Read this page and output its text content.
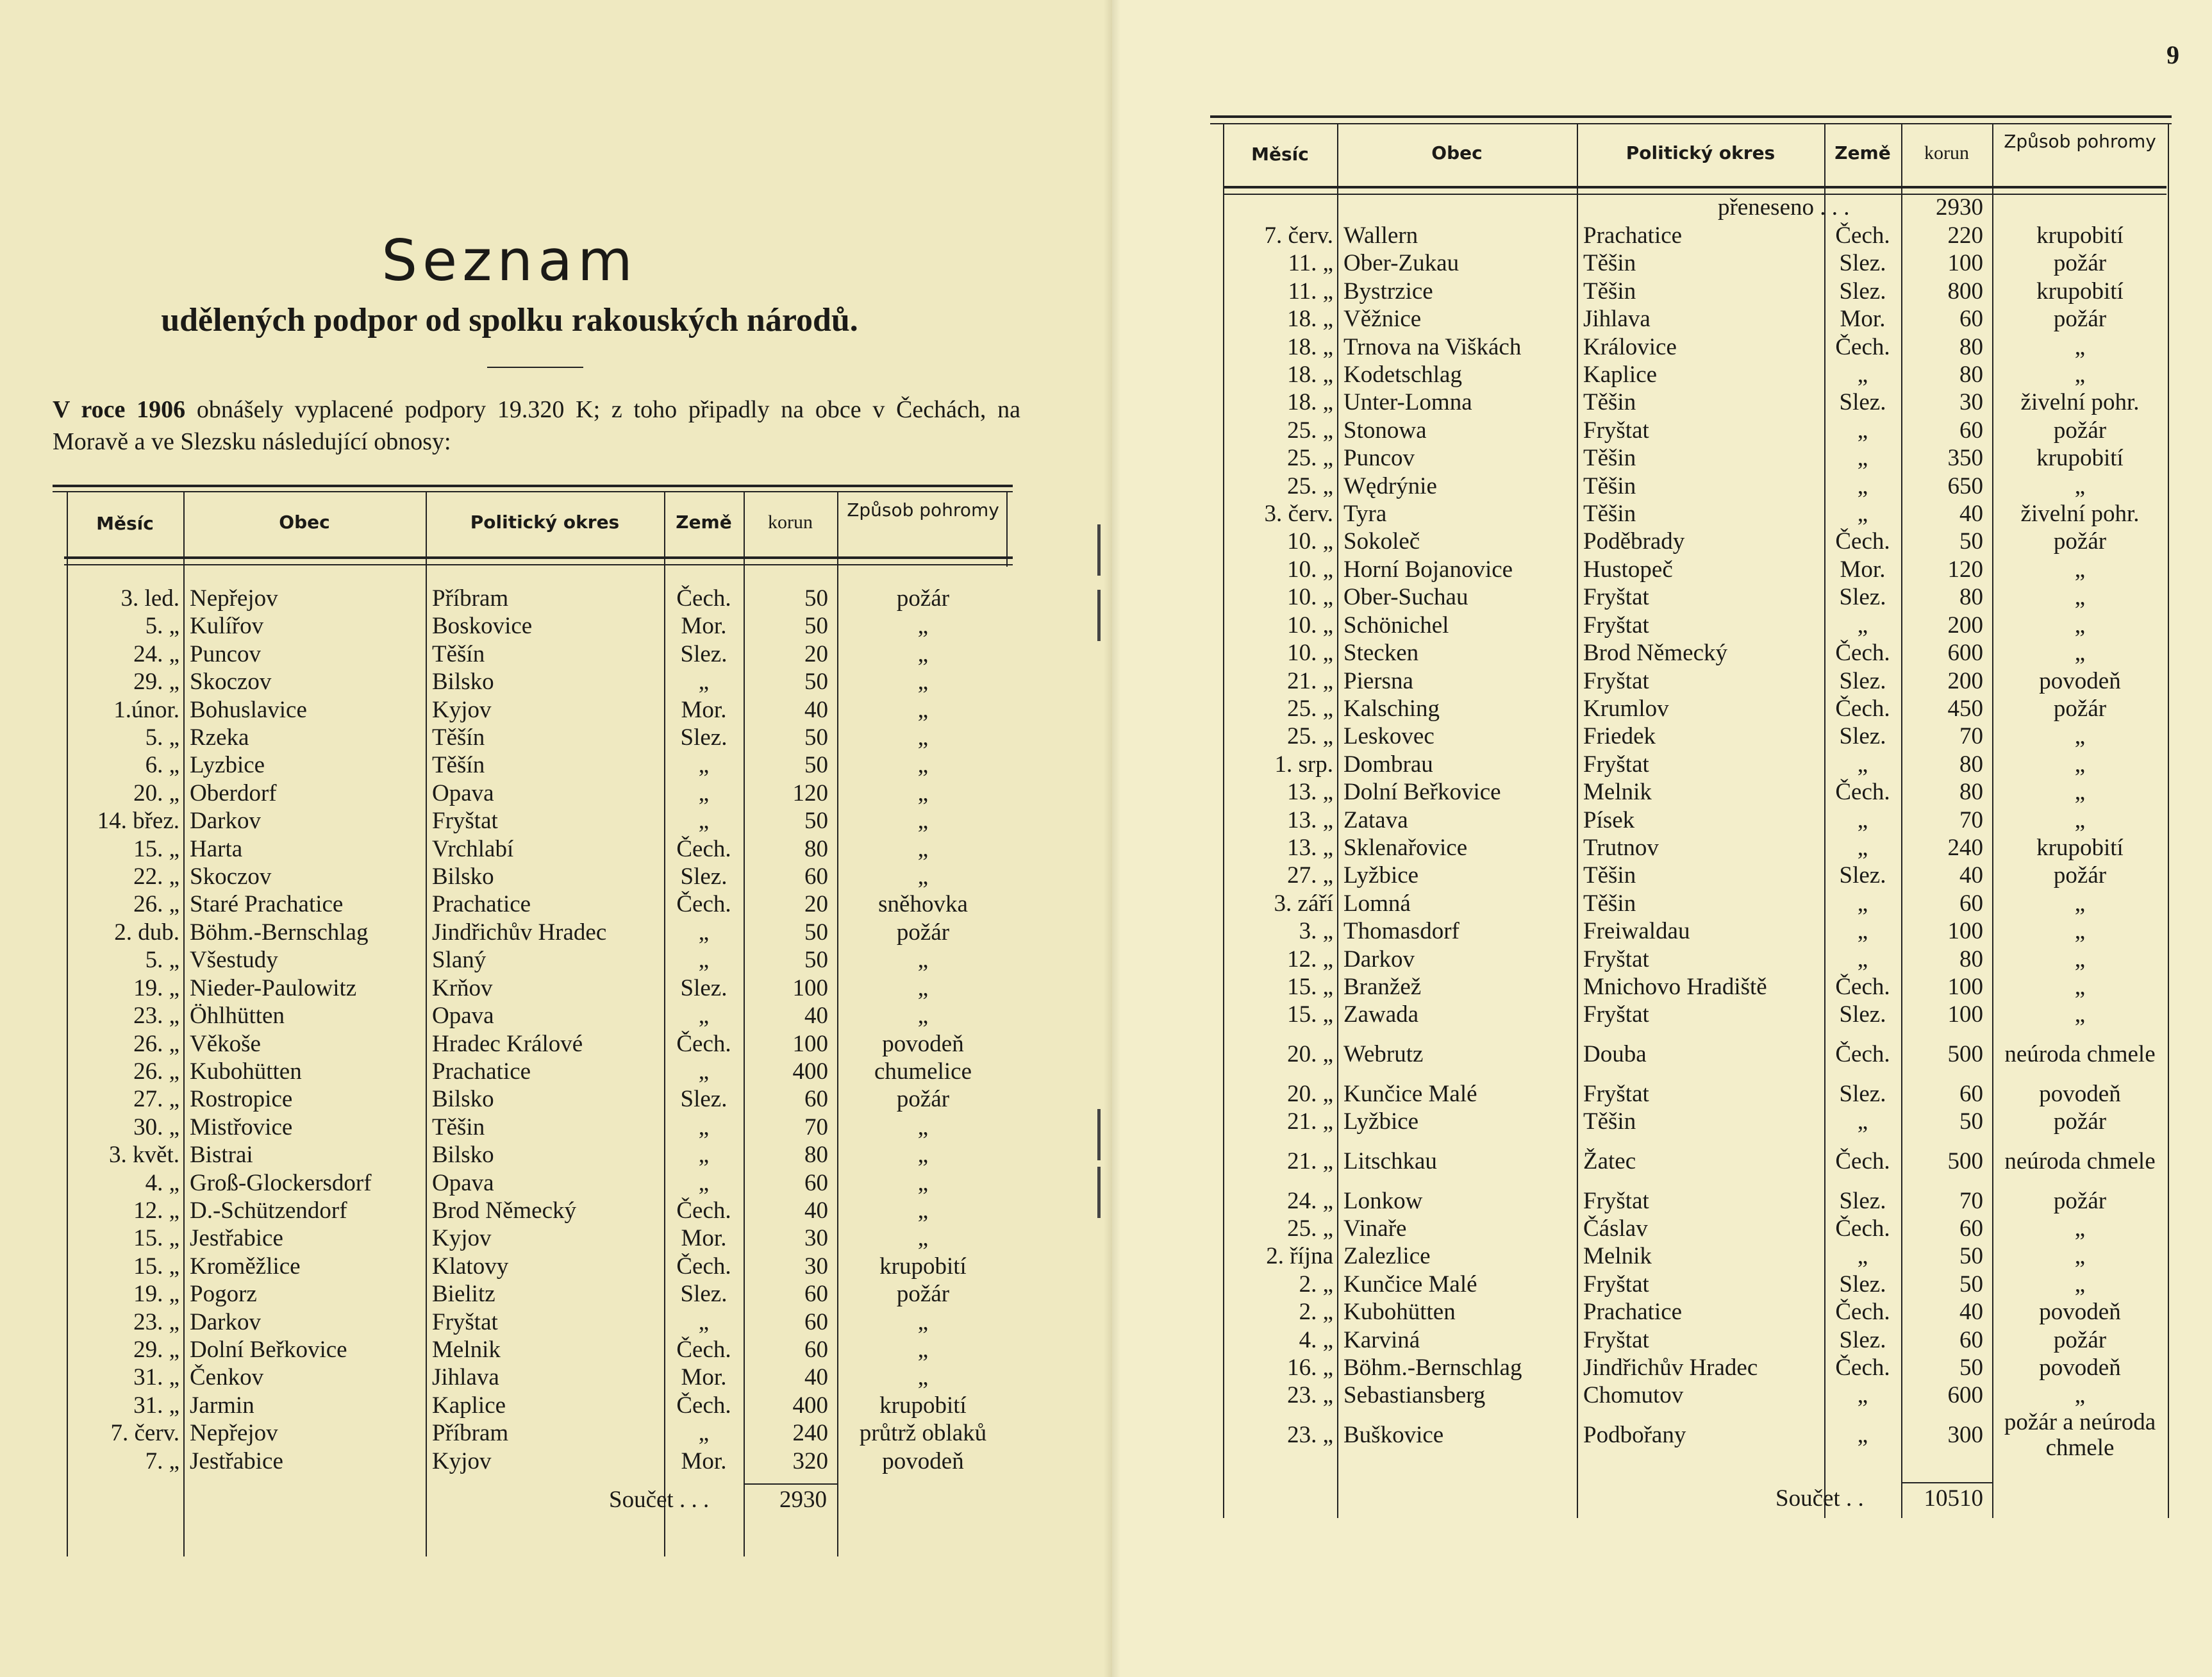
9
Seznam
udělených podpor od spolku rakouských národů.
V roce 1906 obnášely vyplacené podpory 19.320 K; z toho připadly na obce v Čechách, na Moravě a ve Slezsku následující obnosy:
Měsíc	Obec	Politický okres	Země	korun
Způsob pohromy
3. led.	Nepřejov	Příbram	Čech.	50	požár
5. „	Kulířov	Boskovice	Mor.	50	„
24. „	Puncov	Těšín	Slez.	20	„
29. „	Skoczov	Bilsko	„	50	„
1.únor.	Bohuslavice	Kyjov	Mor.	40	„
5. „	Rzeka	Těšín	Slez.	50	„
6. „	Lyzbice	Těšín	„	50	„
20. „	Oberdorf	Opava	„	120	„
14. břez.	Darkov	Fryštat	„	50	„
15. „	Harta	Vrchlabí	Čech.	80	„
22. „	Skoczov	Bilsko	Slez.	60	„
26. „	Staré Prachatice	Prachatice	Čech.	20	sněhovka
2. dub.	Böhm.-Bernschlag	Jindřichův Hradec	„	50	požár
5. „	Všestudy	Slaný	„	50	„
19. „	Nieder-Paulowitz	Krňov	Slez.	100	„
23. „	Öhlhütten	Opava	„	40	„
26. „	Věkoše	Hradec Králové	Čech.	100	povodeň
26. „	Kubohütten	Prachatice	„	400	chumelice
27. „	Rostropice	Bilsko	Slez.	60	požár
30. „	Mistřovice	Těšin	„	70	„
3. květ.	Bistrai	Bilsko	„	80	„
4. „	Groß-Glockersdorf	Opava	„	60	„
12. „	D.-Schützendorf	Brod Německý	Čech.	40	„
15. „	Jestřabice	Kyjov	Mor.	30	„
15. „	Kroměžlice	Klatovy	Čech.	30	krupobití
19. „	Pogorz	Bielitz	Slez.	60	požár
23. „	Darkov	Fryštat	„	60	„
29. „	Dolní Beřkovice	Melnik	Čech.	60	„
31. „	Čenkov	Jihlava	Mor.	40	„
31. „	Jarmin	Kaplice	Čech.	400	krupobití
7. červ.	Nepřejov	Příbram	„	240	průtrž oblaků
7. „	Jestřabice	Kyjov	Mor.	320	povodeň
Součet . . .	2930
Měsíc	Obec	Politický okres	Země	korun
Způsob pohromy
přeneseno . . .	2930
7. červ.	Wallern	Prachatice	Čech.	220	krupobití
11. „	Ober-Zukau	Těšin	Slez.	100	požár
11. „	Bystrzice	Těšin	Slez.	800	krupobití
18. „	Věžnice	Jihlava	Mor.	60	požár
18. „	Trnova na Viškách	Královice	Čech.	80	„
18. „	Kodetschlag	Kaplice	„	80	„
18. „	Unter-Lomna	Těšin	Slez.	30	živelní pohr.
25. „	Stonowa	Fryštat	„	60	požár
25. „	Puncov	Těšin	„	350	krupobití
25. „	Wędrýnie	Těšin	„	650	„
3. červ.	Tyra	Těšin	„	40	živelní pohr.
10. „	Sokoleč	Poděbrady	Čech.	50	požár
10. „	Horní Bojanovice	Hustopeč	Mor.	120	„
10. „	Ober-Suchau	Fryštat	Slez.	80	„
10. „	Schönichel	Fryštat	„	200	„
10. „	Stecken	Brod Německý	Čech.	600	„
21. „	Piersna	Fryštat	Slez.	200	povodeň
25. „	Kalsching	Krumlov	Čech.	450	požár
25. „	Leskovec	Friedek	Slez.	70	„
1. srp.	Dombrau	Fryštat	„	80	„
13. „	Dolní Beřkovice	Melnik	Čech.	80	„
13. „	Zatava	Písek	„	70	„
13. „	Sklenařovice	Trutnov	„	240	krupobití
27. „	Lyžbice	Těšin	Slez.	40	požár
3. září	Lomná	Těšin	„	60	„
3. „	Thomasdorf	Freiwaldau	„	100	„
12. „	Darkov	Fryštat	„	80	„
15. „	Branžež	Mnichovo Hradiště	Čech.	100	„
15. „	Zawada	Fryštat	Slez.	100	„
20. „	Webrutz	Douba	Čech.	500	neúroda chmele
20. „	Kunčice Malé	Fryštat	Slez.	60	povodeň
21. „	Lyžbice	Těšin	„	50	požár
21. „	Litschkau	Žatec	Čech.	500	neúroda chmele
24. „	Lonkow	Fryštat	Slez.	70	požár
25. „	Vinaře	Čáslav	Čech.	60	„
2. října	Zalezlice	Melnik	„	50	„
2. „	Kunčice Malé	Fryštat	Slez.	50	„
2. „	Kubohütten	Prachatice	Čech.	40	povodeň
4. „	Karviná	Fryštat	Slez.	60	požár
16. „	Böhm.-Bernschlag	Jindřichův Hradec	Čech.	50	povodeň
23. „	Sebastiansberg	Chomutov	„	600	„
23. „	Buškovice	Podbořany	„	300	požár a neúroda chmele
Součet . .	10510
